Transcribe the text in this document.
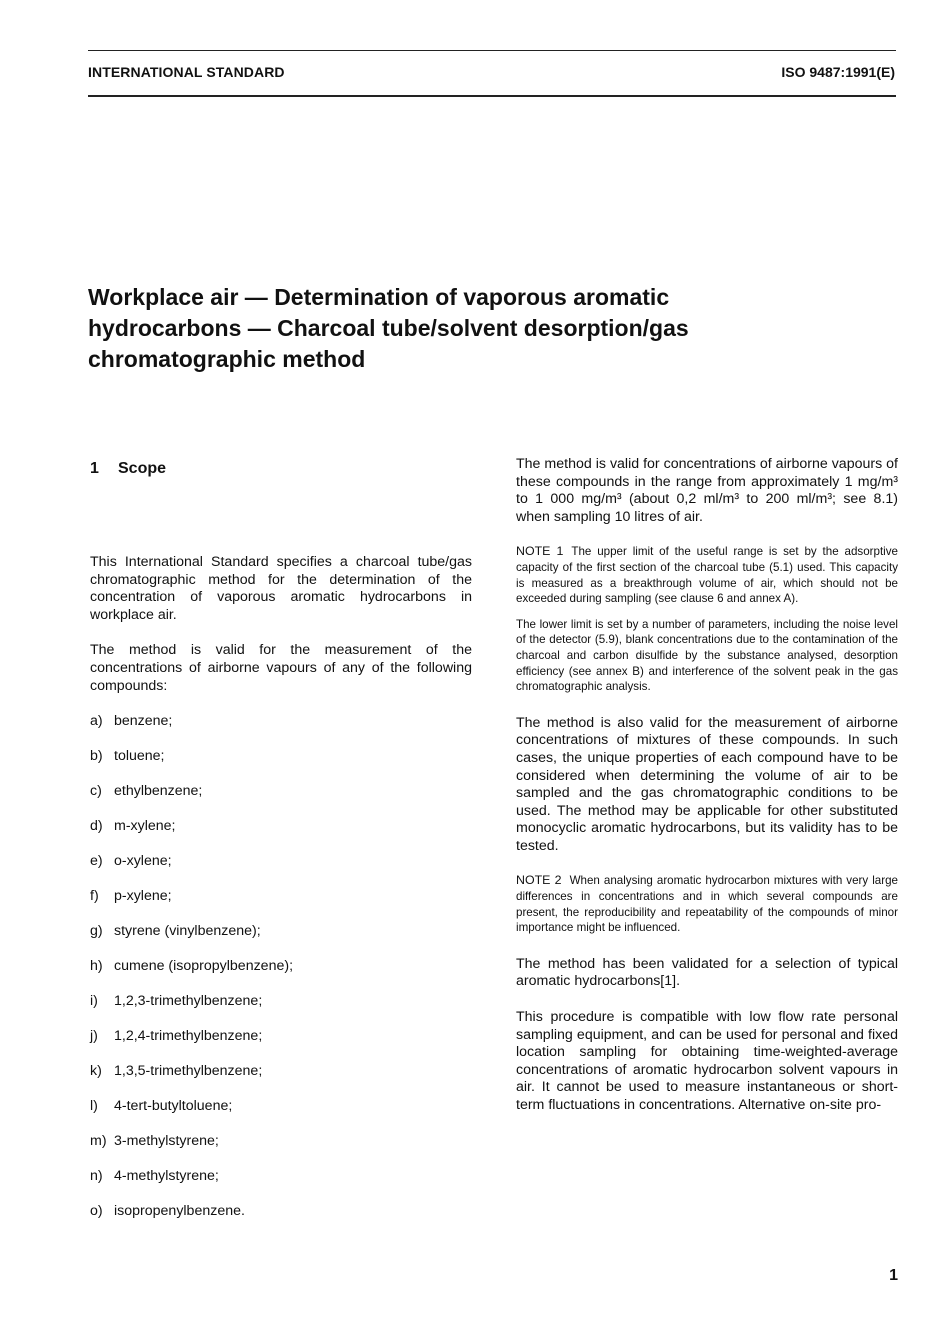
INTERNATIONAL STANDARD	ISO 9487:1991(E)
Workplace air — Determination of vaporous aromatic hydrocarbons — Charcoal tube/solvent desorption/gas chromatographic method
1 Scope

This International Standard specifies a charcoal tube/gas chromatographic method for the determination of the concentration of vaporous aromatic hydrocarbons in workplace air.

The method is valid for the measurement of the concentrations of airborne vapours of any of the following compounds:

a) benzene;
b) toluene;
c) ethylbenzene;
d) m-xylene;
e) o-xylene;
f)	p-xylene;
g) styrene (vinylbenzene);
h) cumene (isopropylbenzene);
i)	1,2,3-trimethylbenzene;
j)	1,2,4-trimethylbenzene;
k) 1,3,5-trimethylbenzene;
l)	4-tert-butyltoluene;
m) 3-methylstyrene;
n) 4-methylstyrene;
o) isopropenylbenzene.

The method is valid for concentrations of airborne vapours of these compounds in the range from approximately 1 mg/m³ to 1 000 mg/m³ (about 0,2 ml/m³ to 200 ml/m³; see 8.1) when sampling 10 litres of air.

NOTE 1 The upper limit of the useful range is set by the adsorptive capacity of the first section of the charcoal tube (5.1) used. This capacity is measured as a breakthrough volume of air, which should not be exceeded during sampling (see clause 6 and annex A).
The lower limit is set by a number of parameters, including the noise level of the detector (5.9), blank concentrations due to the contamination of the charcoal and carbon disulfide by the substance analysed, desorption efficiency (see annex B) and interference of the solvent peak in the gas chromatographic analysis.

The method is also valid for the measurement of airborne concentrations of mixtures of these compounds. In such cases, the unique properties of each compound have to be considered when determining the volume of air to be sampled and the gas chromatographic conditions to be used. The method may be applicable for other substituted monocyclic aromatic hydrocarbons, but its validity has to be tested.

NOTE 2 When analysing aromatic hydrocarbon mixtures with very large differences in concentrations and in which several compounds are present, the reproducibility and repeatability of the compounds of minor importance might be influenced.

The method has been validated for a selection of typical aromatic hydrocarbons[1].

This procedure is compatible with low flow rate personal sampling equipment, and can be used for personal and fixed location sampling for obtaining time-weighted-average concentrations of aromatic hydrocarbon solvent vapours in air. It cannot be used to measure instantaneous or short-term fluctuations in concentrations. Alternative on-site pro-

1
